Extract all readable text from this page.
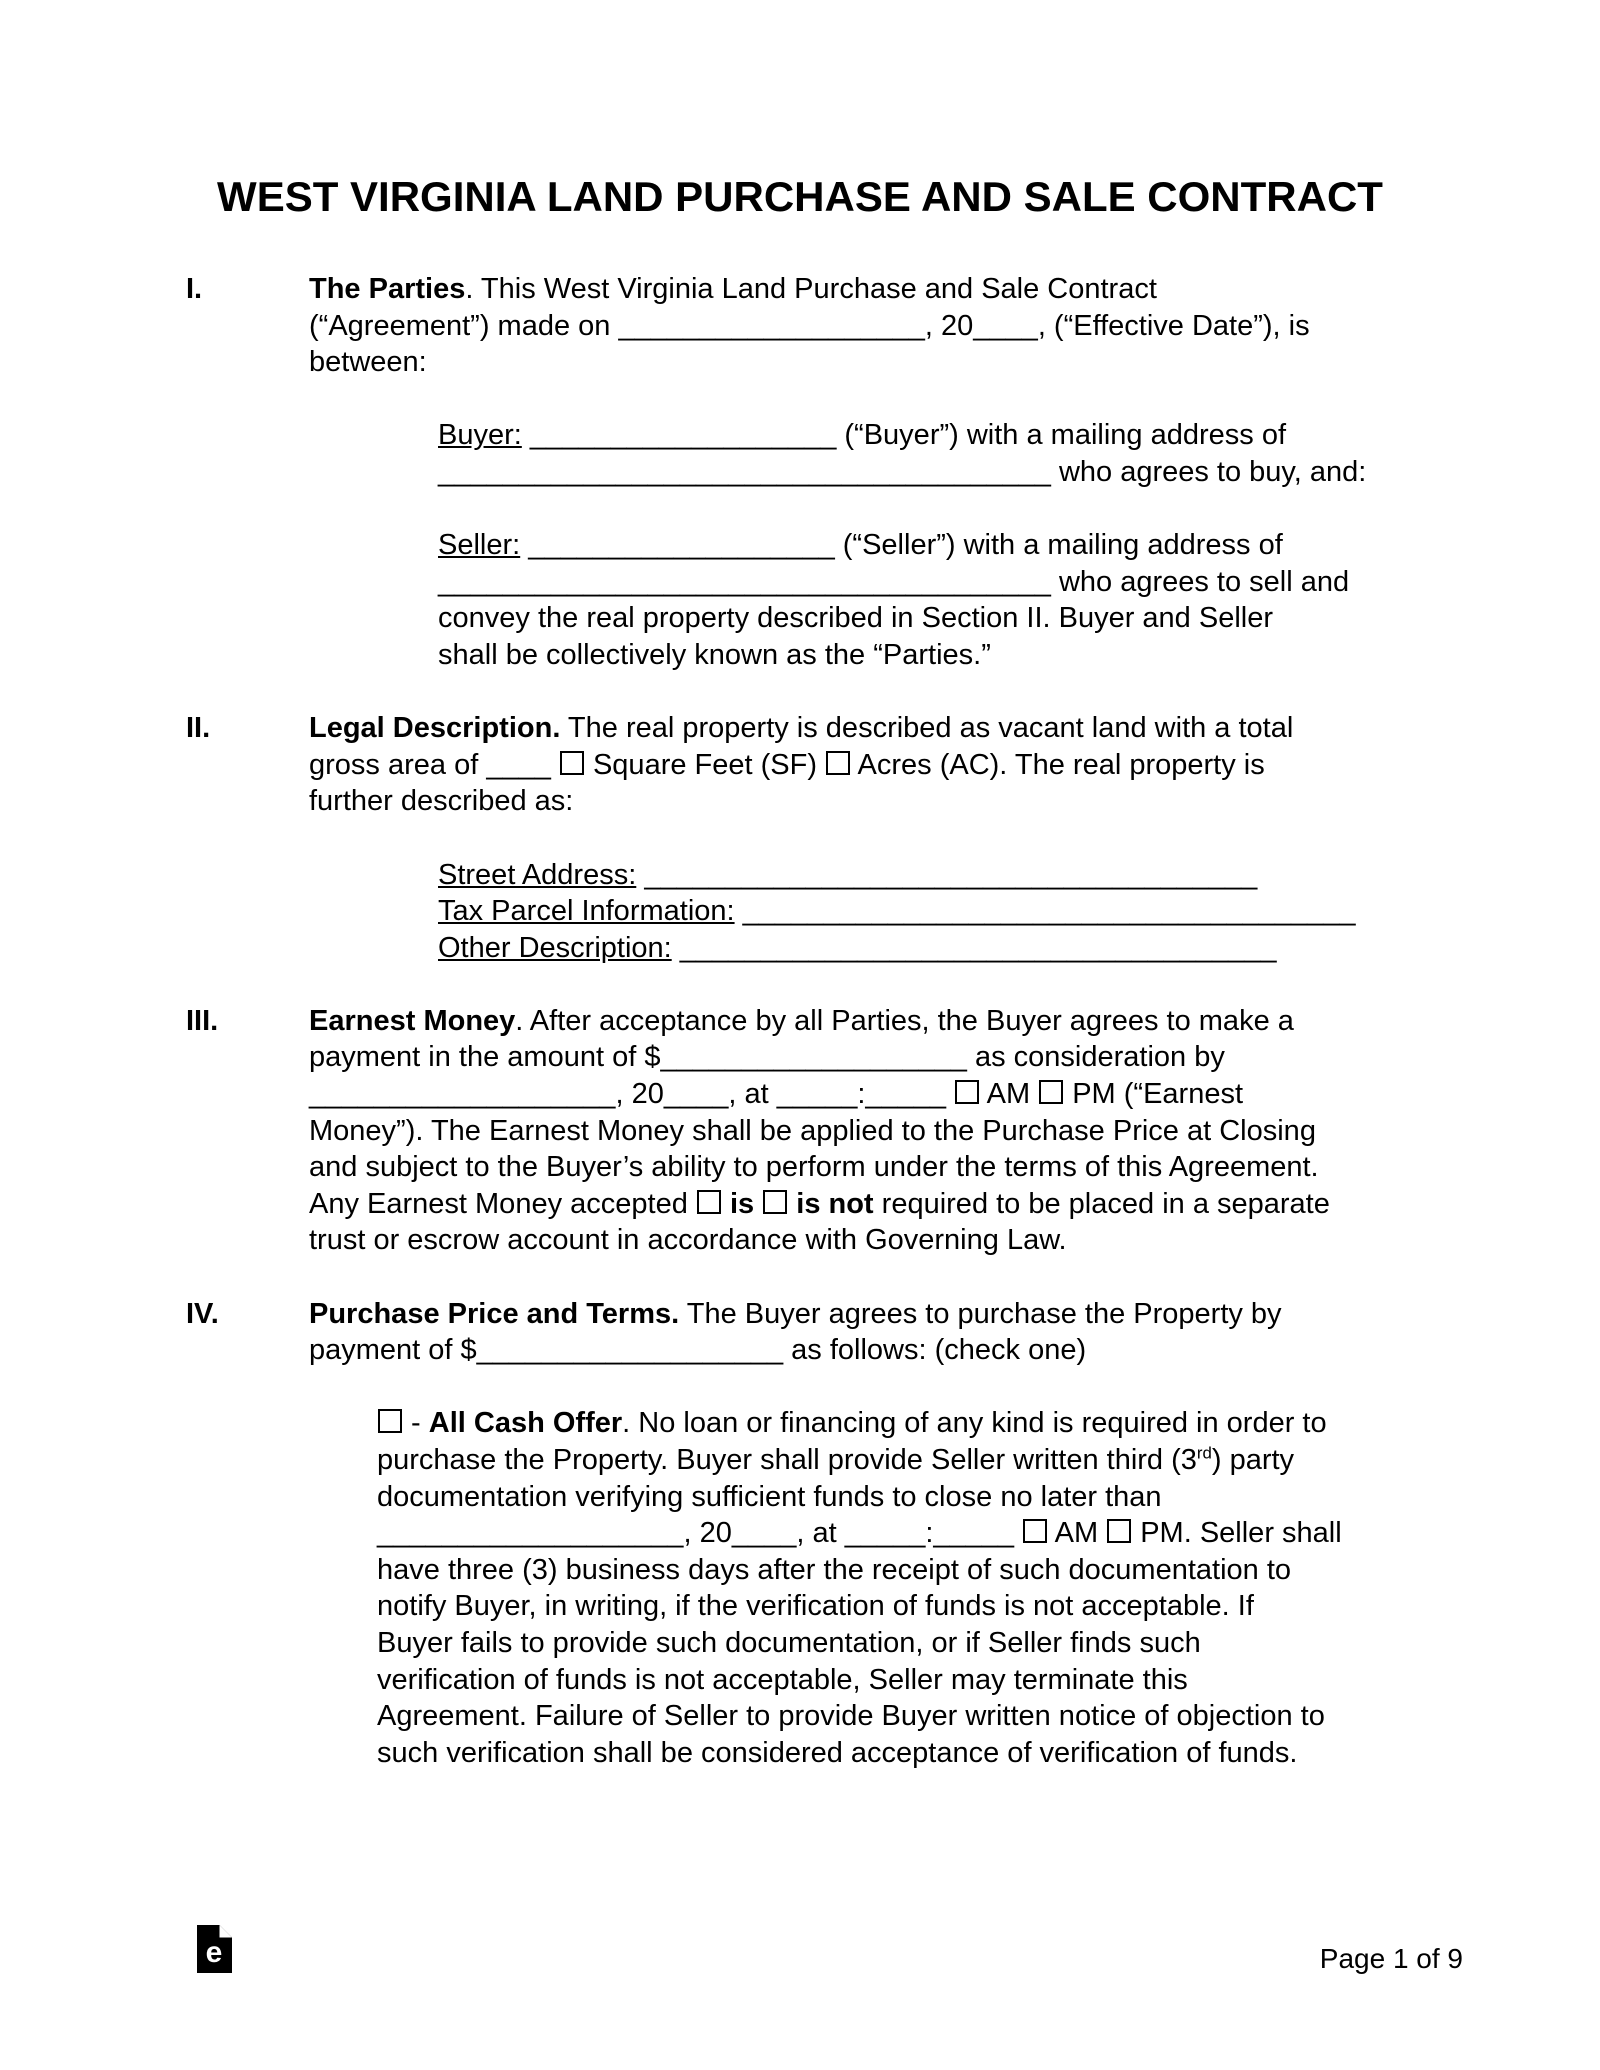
WEST VIRGINIA LAND PURCHASE AND SALE CONTRACT
I.	The Parties. This West Virginia Land Purchase and Sale Contract
(“Agreement”) made on ___________________, 20____, (“Effective Date”), is
between:

Buyer: ___________________ (“Buyer”) with a mailing address of
______________________________________ who agrees to buy, and:

Seller: ___________________ (“Seller”) with a mailing address of
______________________________________ who agrees to sell and
convey the real property described in Section II. Buyer and Seller
shall be collectively known as the “Parties.”

II.	Legal Description. The real property is described as vacant land with a total
gross area of ____  Square Feet (SF)  Acres (AC). The real property is
further described as:

Street Address: ______________________________________
Tax Parcel Information: ______________________________________
Other Description: _____________________________________

III.	Earnest Money. After acceptance by all Parties, the Buyer agrees to make a
payment in the amount of $___________________ as consideration by
___________________, 20____, at _____:_____  AM  PM (“Earnest
Money”). The Earnest Money shall be applied to the Purchase Price at Closing
and subject to the Buyer’s ability to perform under the terms of this Agreement.
Any Earnest Money accepted  is is not required to be placed in a separate
trust or escrow account in accordance with Governing Law.

IV.	Purchase Price and Terms. The Buyer agrees to purchase the Property by
payment of $___________________ as follows: (check one)

- All Cash Offer. No loan or financing of any kind is required in order to
purchase the Property. Buyer shall provide Seller written third (3rd) party
documentation verifying sufficient funds to close no later than
___________________, 20____, at _____:_____  AM  PM. Seller shall
have three (3) business days after the receipt of such documentation to
notify Buyer, in writing, if the verification of funds is not acceptable. If
Buyer fails to provide such documentation, or if Seller finds such
verification of funds is not acceptable, Seller may terminate this
Agreement. Failure of Seller to provide Buyer written notice of objection to
such verification shall be considered acceptance of verification of funds.

e	Page 1 of 9
